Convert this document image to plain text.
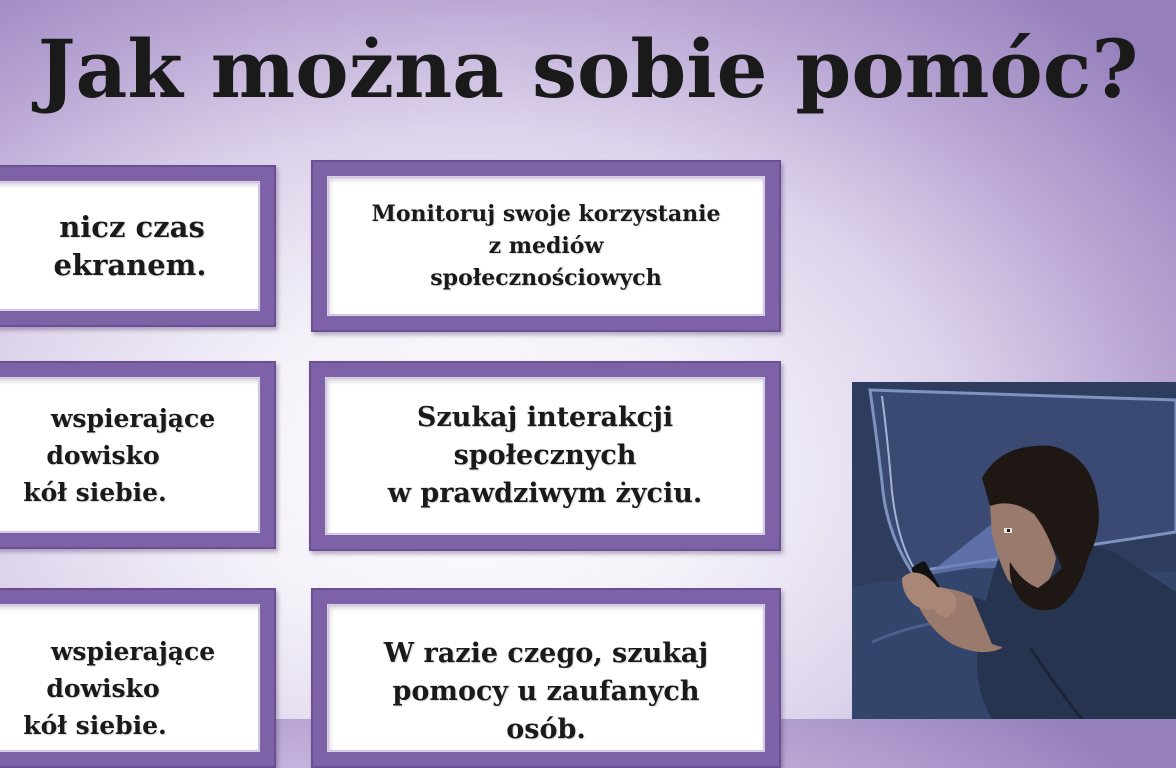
Jak można sobie pomóc?
nicz czas
ekranem.
wspierające
dowisko
kół siebie.
wspierające
dowisko
kół siebie.
Monitoruj swoje korzystanie
z mediów
społecznościowych
Szukaj interakcji
społecznych
w prawdziwym życiu.
W razie czego, szukaj
pomocy u zaufanych
osób.
